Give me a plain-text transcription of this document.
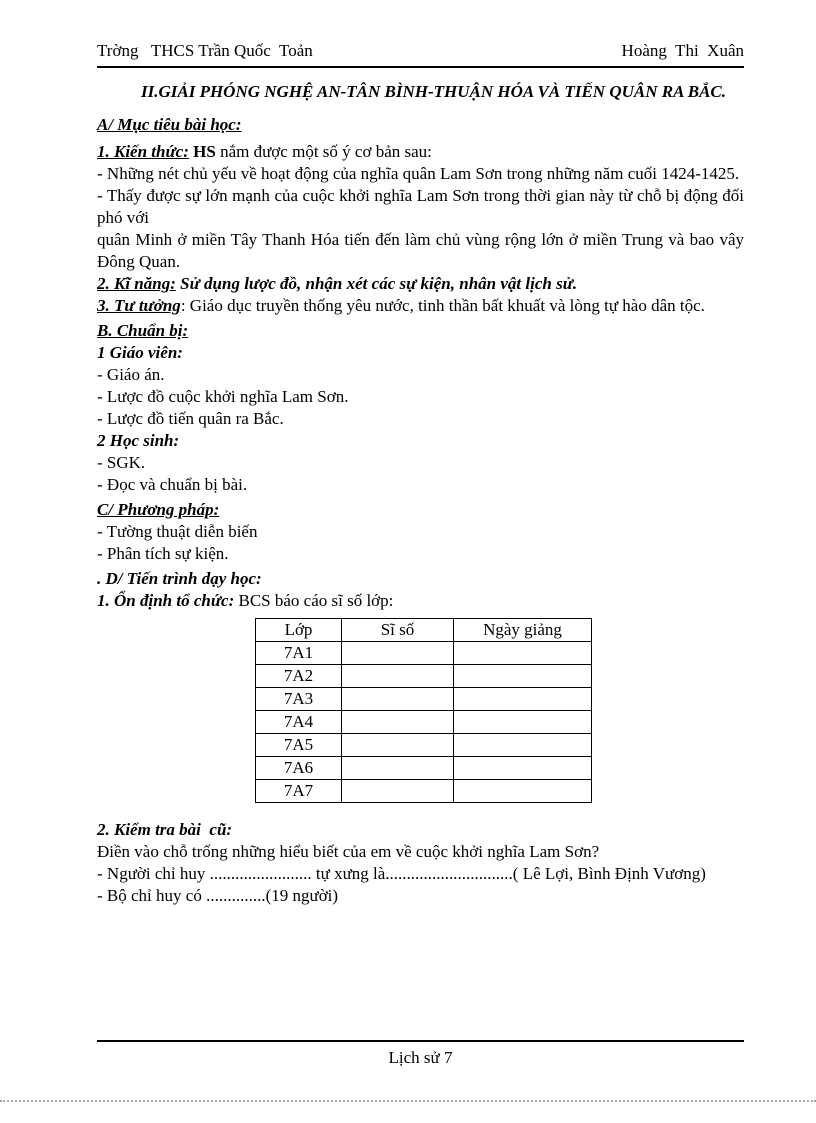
Trờng   THCS Trần Quốc  Toản	Hoàng  Thi  Xuân

II.GIẢI PHÓNG NGHỆ AN-TÂN BÌNH-THUẬN HÓA VÀ TIẾN QUÂN RA BẮC.

A/ Mục tiêu bài học:

1. Kiến thức: HS nắm được một số ý cơ bản sau:

- Những nét chủ yếu về hoạt động của nghĩa quân Lam Sơn trong những năm cuối 1424-1425.

- Thấy được sự lớn mạnh của cuộc khởi nghĩa Lam Sơn trong thời gian này từ chỗ bị động đối phó với

quân Minh ở miền Tây Thanh Hóa tiến đến làm chủ vùng rộng lớn ở miền Trung và bao vây Đông Quan.

2. Kĩ năng: Sử dụng lược đồ, nhận xét các sự kiện, nhân vật lịch sử.

3. Tư tưởng: Giáo dục truyền thống yêu nước, tinh thần bất khuất và lòng tự hào dân tộc.

B. Chuẩn bị:

1 Giáo viên:

- Giáo án.

- Lược đồ cuộc khởi nghĩa Lam Sơn.

- Lược đồ tiến quân ra Bắc.

2 Học sinh:

- SGK.

- Đọc và chuẩn bị bài.

C/ Phương pháp:

- Tường thuật diễn biến

- Phân tích sự kiện.

. D/ Tiến trình dạy học:

1. Ổn định tổ chức: BCS báo cáo sĩ số lớp:

Lớp	Sĩ số	Ngày giảng
7A1		
7A2		
7A3		
7A4		
7A5		
7A6		
7A7		

2. Kiểm tra bài  cũ:

Điền vào chỗ trống những hiểu biết của em về cuộc khởi nghĩa Lam Sơn?

- Người chỉ huy ........................ tự xưng là..............................( Lê Lợi, Bình Định Vương)

- Bộ chỉ huy có ..............(19 người)

Lịch sử 7
